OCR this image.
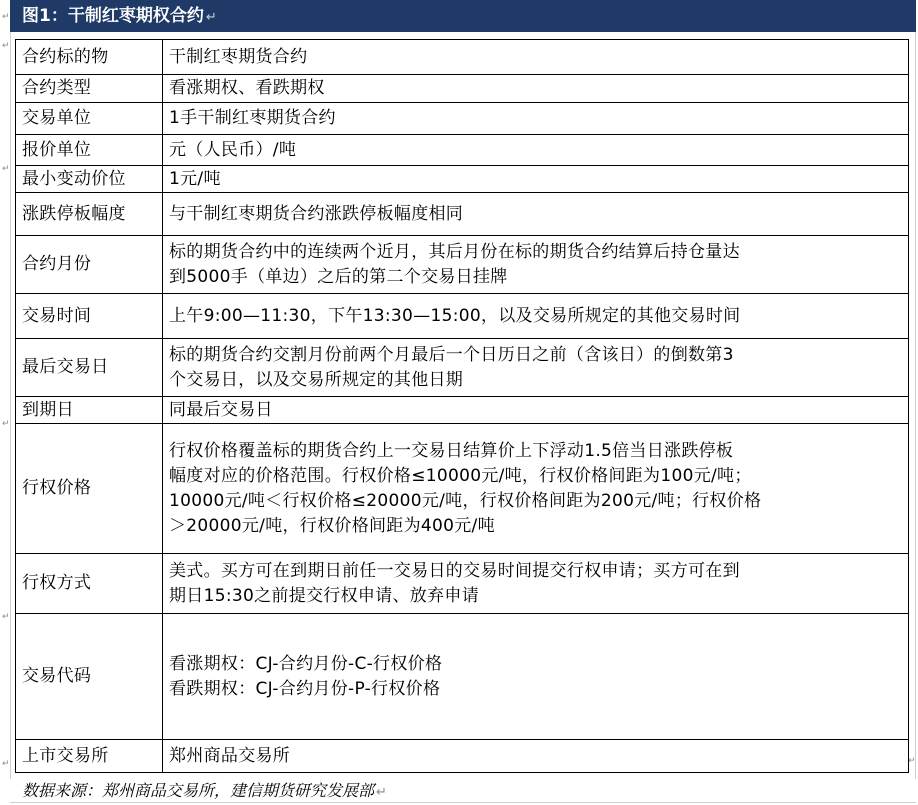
图1：干制红枣期权合约 ↵
↵
↵
↵
↵
↵
↵	↵
合约标的物	干制红枣期货合约

合约类型	看涨期权、看跌期权

交易单位	1手干制红枣期货合约

报价单位	元（人民币）/吨

最小变动价位	1元/吨

涨跌停板幅度	与干制红枣期货合约涨跌停板幅度相同

合约月份	标的期货合约中的连续两个近月，其后月份在标的期货合约结算后持仓量达
到5000手（单边）之后的第二个交易日挂牌

交易时间	上午9:00—11:30，下午13:30—15:00，以及交易所规定的其他交易时间

最后交易日	标的期货合约交割月份前两个月最后一个日历日之前（含该日）的倒数第3
个交易日，以及交易所规定的其他日期

到期日	同最后交易日

行权价格	行权价格覆盖标的期货合约上一交易日结算价上下浮动1.5倍当日涨跌停板
幅度对应的价格范围。行权价格≤10000元/吨，行权价格间距为100元/吨；
10000元/吨＜行权价格≤20000元/吨，行权价格间距为200元/吨；行权价格
＞20000元/吨，行权价格间距为400元/吨

行权方式	美式。买方可在到期日前任一交易日的交易时间提交行权申请；买方可在到
期日15:30之前提交行权申请、放弃申请

交易代码	看涨期权：CJ-合约月份-C-行权价格
看跌期权：CJ-合约月份-P-行权价格

上市交易所	郑州商品交易所
数据来源：郑州商品交易所，建信期货研究发展部 ↵
